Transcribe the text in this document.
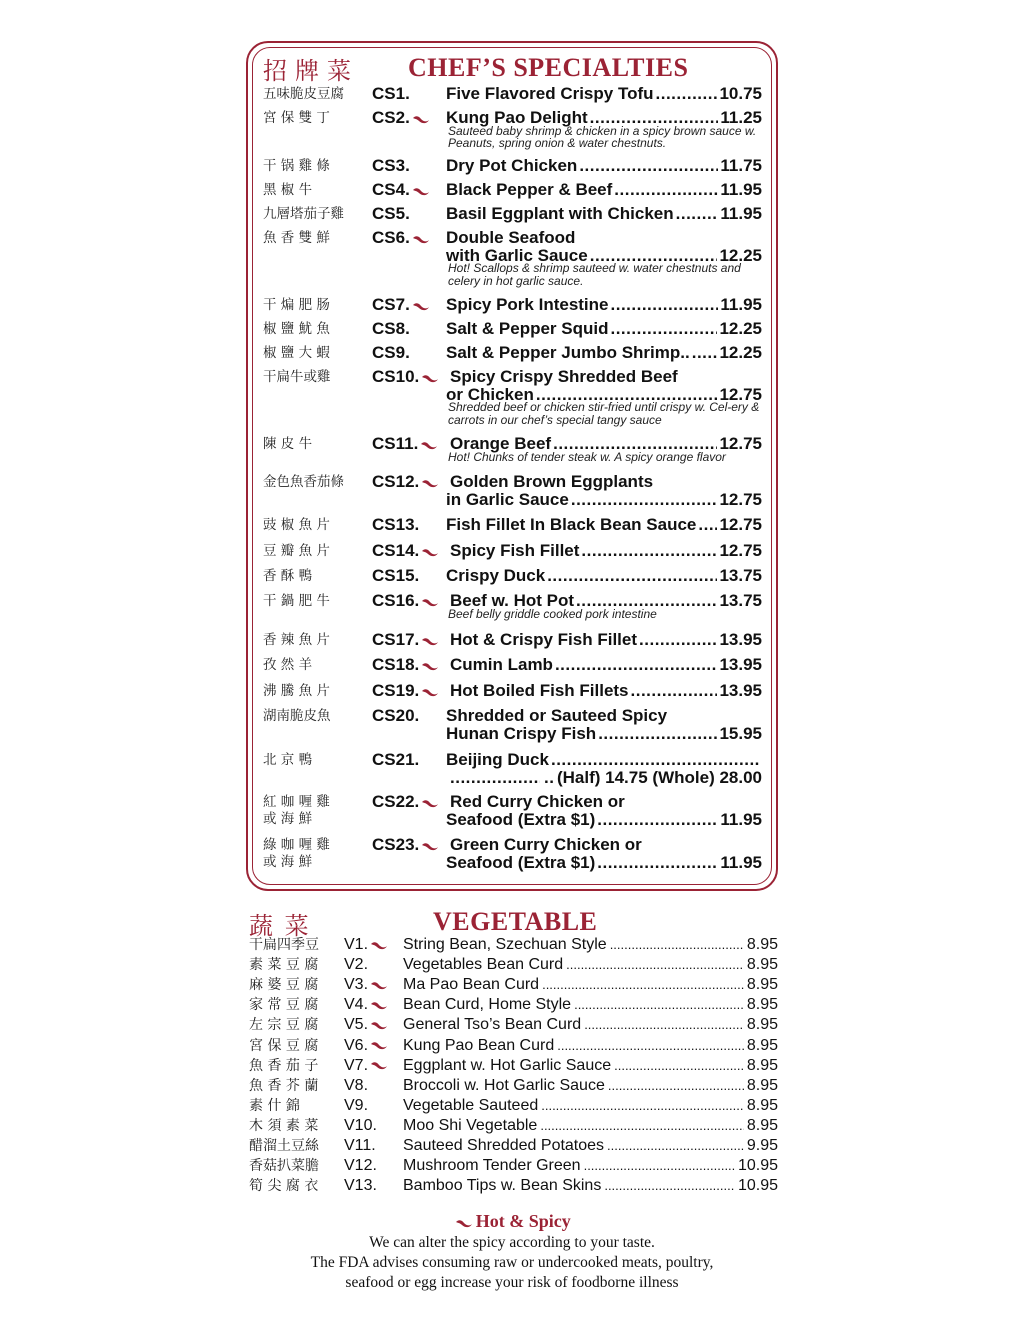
招牌菜 CHEF’S SPECIALTIES
五味脆皮豆腐 CS1. Five Flavored Crispy Tofu .....	10.75
宮 保 雙 丁 CS2.	Kung Pao Delight .....	11.25
Sauteed baby shrimp & chicken in a spicy brown sauce w. Peanuts, spring onion & water chestnuts.
干 锅 雞 條 CS3. Dry Pot Chicken .....	11.75
黑 椒 牛	CS4.	Black Pepper & Beef .....	11.95
九層塔茄子雞 CS5. Basil Eggplant with Chicken .....	11.95
魚 香 雙 鮮 CS6.	Double Seafood
with Garlic Sauce .....	12.25
Hot! Scallops & shrimp sauteed w. water chestnuts and celery in hot garlic sauce.
干 煸 肥 肠 CS7.	Spicy Pork Intestine .....	11.95
椒 鹽 魷 魚 CS8. Salt & Pepper Squid .....	12.25
椒 鹽 大 蝦 CS9. Salt & Pepper Jumbo Shrimp.. ..... 12.25
干扁牛或雞 CS10.	Spicy Crispy Shredded Beef
or Chicken .....	12.75
Shredded beef or chicken stir-fried until crispy w. Cel-ery & carrots in our chef’s special tangy sauce
陳 皮 牛	CS11.	Orange Beef .....	12.75
Hot! Chunks of tender steak w. A spicy orange flavor
金色魚香茄條 CS12.	Golden Brown Eggplants
in Garlic Sauce .....	12.75
豉 椒 魚 片 CS13. Fish Fillet In Black Bean Sauce ..... 12.75
豆 瓣 魚 片 CS14.	Spicy Fish Fillet .....	12.75
香 酥 鴨	CS15. Crispy Duck .....	13.75
干 鍋 肥 牛 CS16.	Beef w. Hot Pot .....	13.75
Beef belly griddle cooked pork intestine
香 辣 魚 片 CS17.	Hot & Crispy Fish Fillet .....	13.95
孜 然 羊	CS18.	Cumin Lamb .....	13.95
沸 騰 魚 片 CS19.	Hot Boiled Fish Fillets .....	13.95
湖南脆皮魚 CS20. Shredded or Sauteed Spicy
Hunan Crispy Fish .....	15.95
北 京 鴨	CS21. Beijing Duck
.....
.....
.....
(Half) 14.75 (Whole) 28.00
紅 咖 喱 雞
或 海 鮮
CS22.	Red Curry Chicken or
Seafood (Extra $1) .....	11.95
綠 咖 喱 雞
或 海 鮮
CS23.	Green Curry Chicken or
Seafood (Extra $1) .....	11.95
蔬 菜	VEGETABLE
干扁四季豆 V1.	String Bean, Szechuan Style .....	8.95
素 菜 豆 腐 V2. Vegetables Bean Curd .....	8.95
麻 婆 豆 腐 V3.	Ma Pao Bean Curd .....	8.95
家 常 豆 腐 V4.	Bean Curd, Home Style .....	8.95
左 宗 豆 腐 V5.	General Tso’s Bean Curd .....	8.95
宮 保 豆 腐 V6.	Kung Pao Bean Curd .....	8.95
魚 香 茄 子 V7.	Eggplant w. Hot Garlic Sauce .....	8.95
魚 香 芥 蘭 V8. Broccoli w. Hot Garlic Sauce .....	8.95
素 什 錦	V9. Vegetable Sauteed .....	8.95
木 須 素 菜 V10. Moo Shi Vegetable .....	8.95
醋溜土豆絲 V11. Sauteed Shredded Potatoes .....	9.95
香菇扒菜膽 V12. Mushroom Tender Green .....	10.95
筍 尖 腐 衣 V13. Bamboo Tips w. Bean Skins .....	10.95
Hot & Spicy
We can alter the spicy according to your taste.
The FDA advises consuming raw or undercooked meats, poultry,
seafood or egg increase your risk of foodborne illness
